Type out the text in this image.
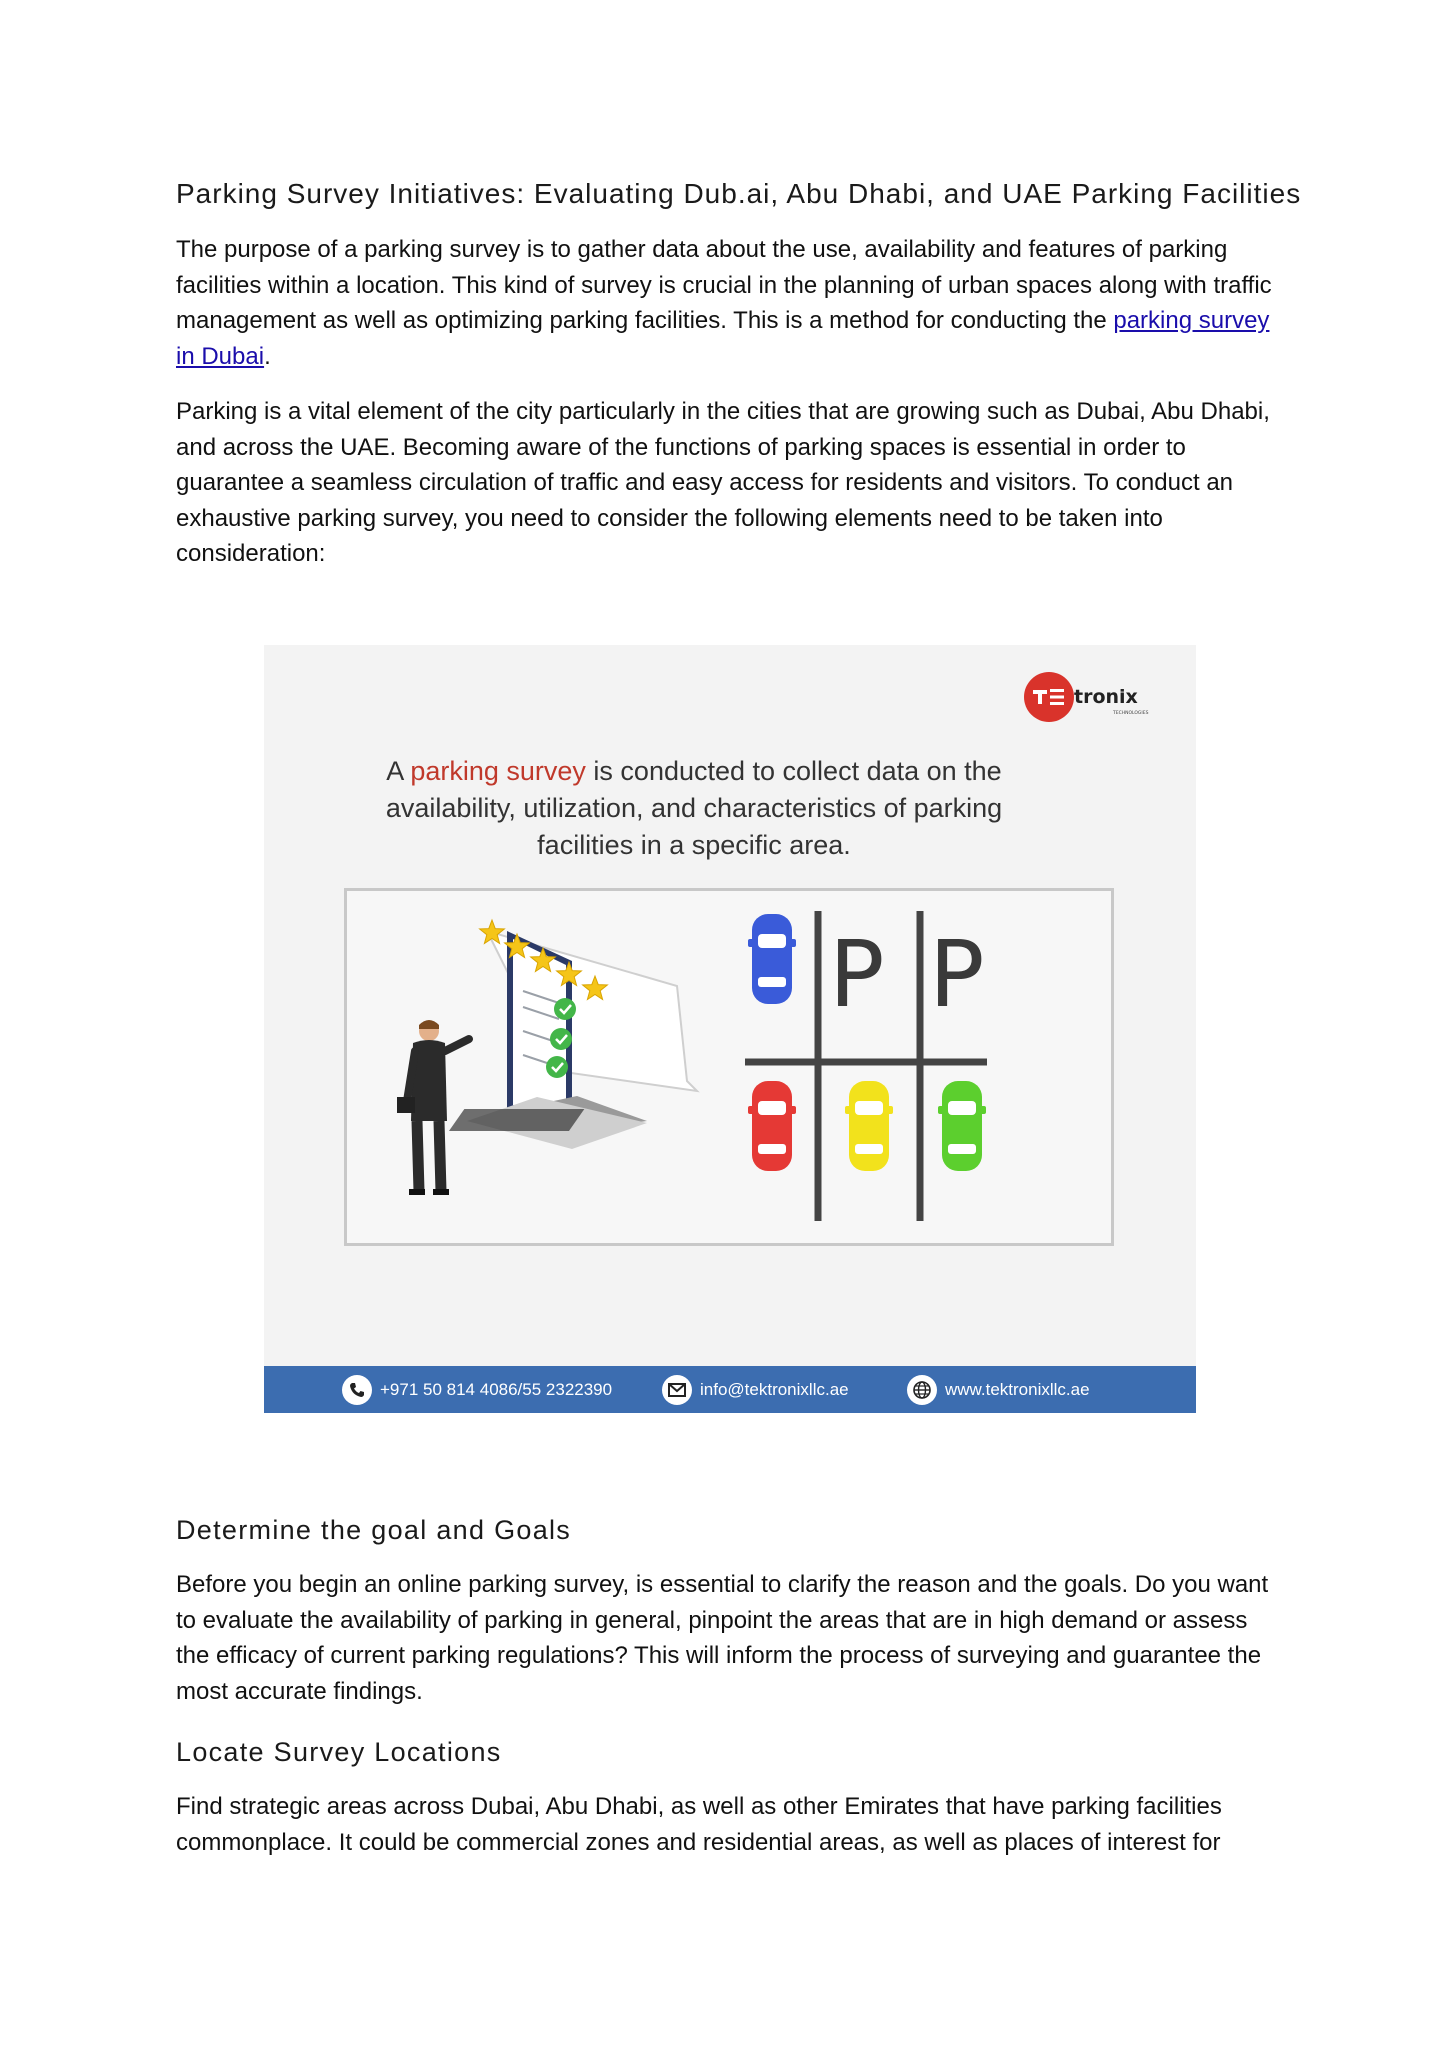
Parking Survey Initiatives: Evaluating Dub.ai, Abu Dhabi, and UAE Parking Facilities

The purpose of a parking survey is to gather data about the use, availability and features of parking facilities within a location. This kind of survey is crucial in the planning of urban spaces along with traffic management as well as optimizing parking facilities. This is a method for conducting the parking survey in Dubai.

Parking is a vital element of the city particularly in the cities that are growing such as Dubai, Abu Dhabi, and across the UAE. Becoming aware of the functions of parking spaces is essential in order to guarantee a seamless circulation of traffic and easy access for residents and visitors. To conduct an exhaustive parking survey, you need to consider the following elements need to be taken into consideration:

tronix
TECHNOLOGIES
A parking survey is conducted to collect data on the availability, utilization, and characteristics of parking facilities in a specific area.
P P
+971 50 814 4086/55 2322390	info@tektronixllc.ae	www.tektronixllc.ae
Determine the goal and Goals

Before you begin an online parking survey, is essential to clarify the reason and the goals. Do you want to evaluate the availability of parking in general, pinpoint the areas that are in high demand or assess the efficacy of current parking regulations? This will inform the process of surveying and guarantee the most accurate findings.

Locate Survey Locations

Find strategic areas across Dubai, Abu Dhabi, as well as other Emirates that have parking facilities commonplace. It could be commercial zones and residential areas, as well as places of interest for
